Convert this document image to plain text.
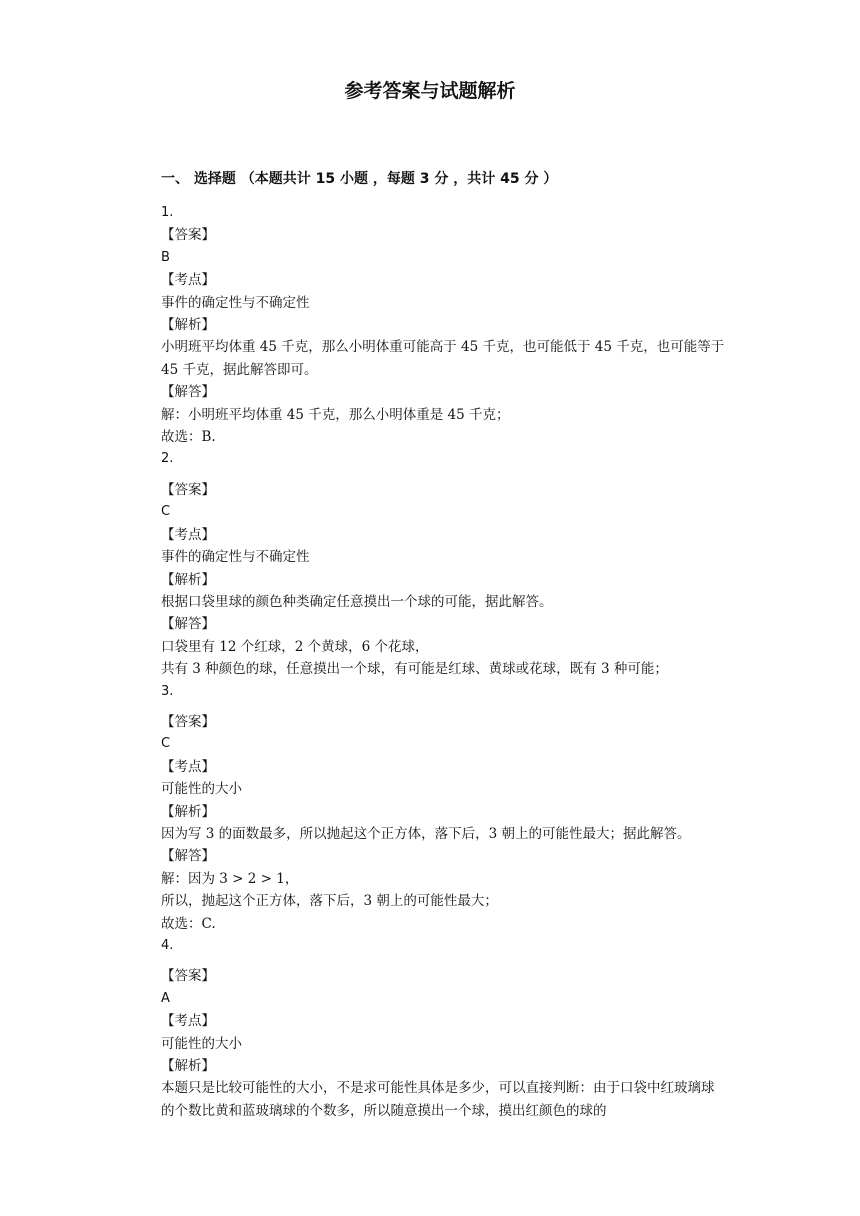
参考答案与试题解析
一、 选择题 （本题共计 15 小题 ，每题 3 分 ，共计 45 分 ）
1.
【答案】
B
【考点】
事件的确定性与不确定性
【解析】
小明班平均体重 45 千克，那么小明体重可能高于 45 千克，也可能低于 45 千克，也可能等于 45 千克，据此解答即可。
【解答】
解：小明班平均体重 45 千克，那么小明体重是 45 千克；
故选：B.
2.
【答案】
C
【考点】
事件的确定性与不确定性
【解析】
根据口袋里球的颜色种类确定任意摸出一个球的可能，据此解答。
【解答】
口袋里有 12 个红球，2 个黄球，6 个花球，
共有 3 种颜色的球，任意摸出一个球，有可能是红球、黄球或花球，既有 3 种可能；
3.
【答案】
C
【考点】
可能性的大小
【解析】
因为写 3 的面数最多，所以抛起这个正方体，落下后，3 朝上的可能性最大；据此解答。
【解答】
解：因为 3 > 2 > 1，
所以，抛起这个正方体，落下后，3 朝上的可能性最大；
故选：C.
4.
【答案】
A
【考点】
可能性的大小
【解析】
本题只是比较可能性的大小，不是求可能性具体是多少，可以直接判断：由于口袋中红玻璃球的个数比黄和蓝玻璃球的个数多，所以随意摸出一个球，摸出红颜色的球的
